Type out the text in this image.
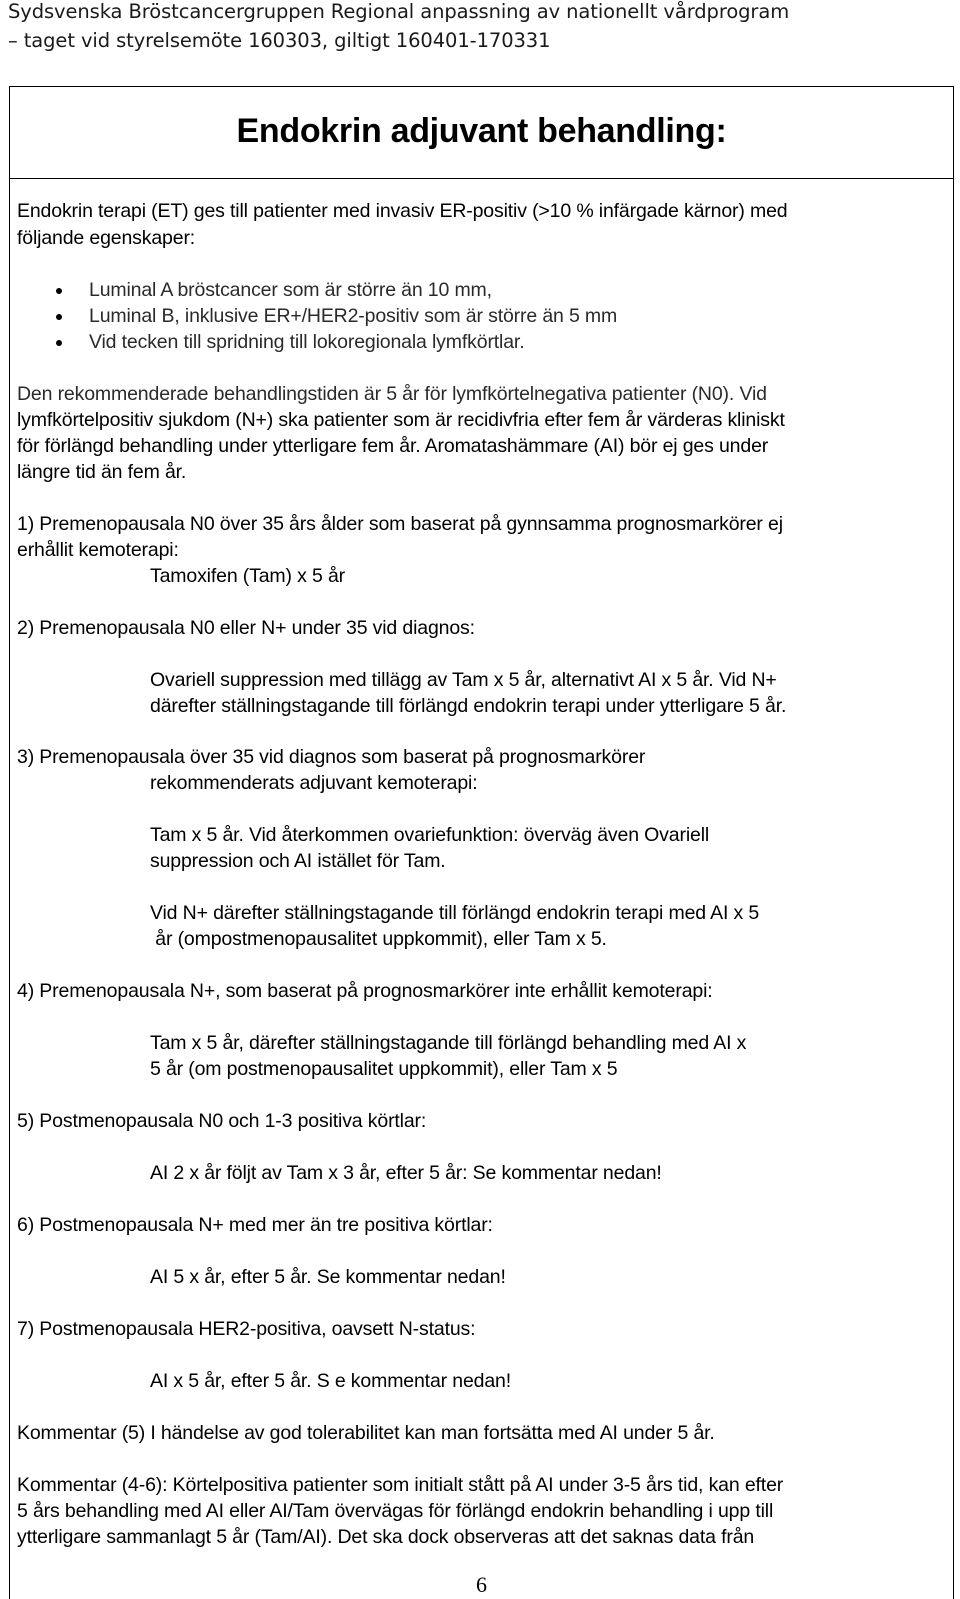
Sydsvenska Bröstcancergruppen Regional anpassning av nationellt vårdprogram
– taget vid styrelsemöte 160303, giltigt 160401-170331
Endokrin adjuvant behandling:
Endokrin terapi (ET) ges till patienter med invasiv ER-positiv (>10 % infärgade kärnor) med
följande egenskaper:
Luminal A bröstcancer som är större än 10 mm,
Luminal B, inklusive ER+/HER2-positiv som är större än 5 mm
Vid tecken till spridning till lokoregionala lymfkörtlar.
Den rekommenderade behandlingstiden är 5 år för lymfkörtelnegativa patienter (N0). Vid
lymfkörtelpositiv sjukdom (N+) ska patienter som är recidivfria efter fem år värderas kliniskt
för förlängd behandling under ytterligare fem år. Aromatashämmare (AI) bör ej ges under
längre tid än fem år.
1) Premenopausala N0 över 35 års ålder som baserat på gynnsamma prognosmarkörer ej
erhållit kemoterapi:
Tamoxifen (Tam) x 5 år
2) Premenopausala N0 eller N+ under 35 vid diagnos:
Ovariell suppression med tillägg av Tam x 5 år, alternativt AI x 5 år. Vid N+
därefter ställningstagande till förlängd endokrin terapi under ytterligare 5 år.
3) Premenopausala över 35 vid diagnos som baserat på prognosmarkörer
rekommenderats adjuvant kemoterapi:
Tam x 5 år. Vid återkommen ovariefunktion: överväg även Ovariell
suppression och AI istället för Tam.
Vid N+ därefter ställningstagande till förlängd endokrin terapi med AI x 5
år (ompostmenopausalitet uppkommit), eller Tam x 5.
4) Premenopausala N+, som baserat på prognosmarkörer inte erhållit kemoterapi:
Tam x 5 år, därefter ställningstagande till förlängd behandling med AI x
5 år (om postmenopausalitet uppkommit), eller Tam x 5
5) Postmenopausala N0 och 1-3 positiva körtlar:
AI 2 x år följt av Tam x 3 år, efter 5 år: Se kommentar nedan!
6) Postmenopausala N+ med mer än tre positiva körtlar:
AI 5 x år, efter 5 år. Se kommentar nedan!
7) Postmenopausala HER2-positiva, oavsett N-status:
AI x 5 år, efter 5 år. S e kommentar nedan!
Kommentar (5) I händelse av god tolerabilitet kan man fortsätta med AI under 5 år.
Kommentar (4-6): Körtelpositiva patienter som initialt stått på AI under 3-5 års tid, kan efter
5 års behandling med AI eller AI/Tam övervägas för förlängd endokrin behandling i upp till
ytterligare sammanlagt 5 år (Tam/AI). Det ska dock observeras att det saknas data från
6
